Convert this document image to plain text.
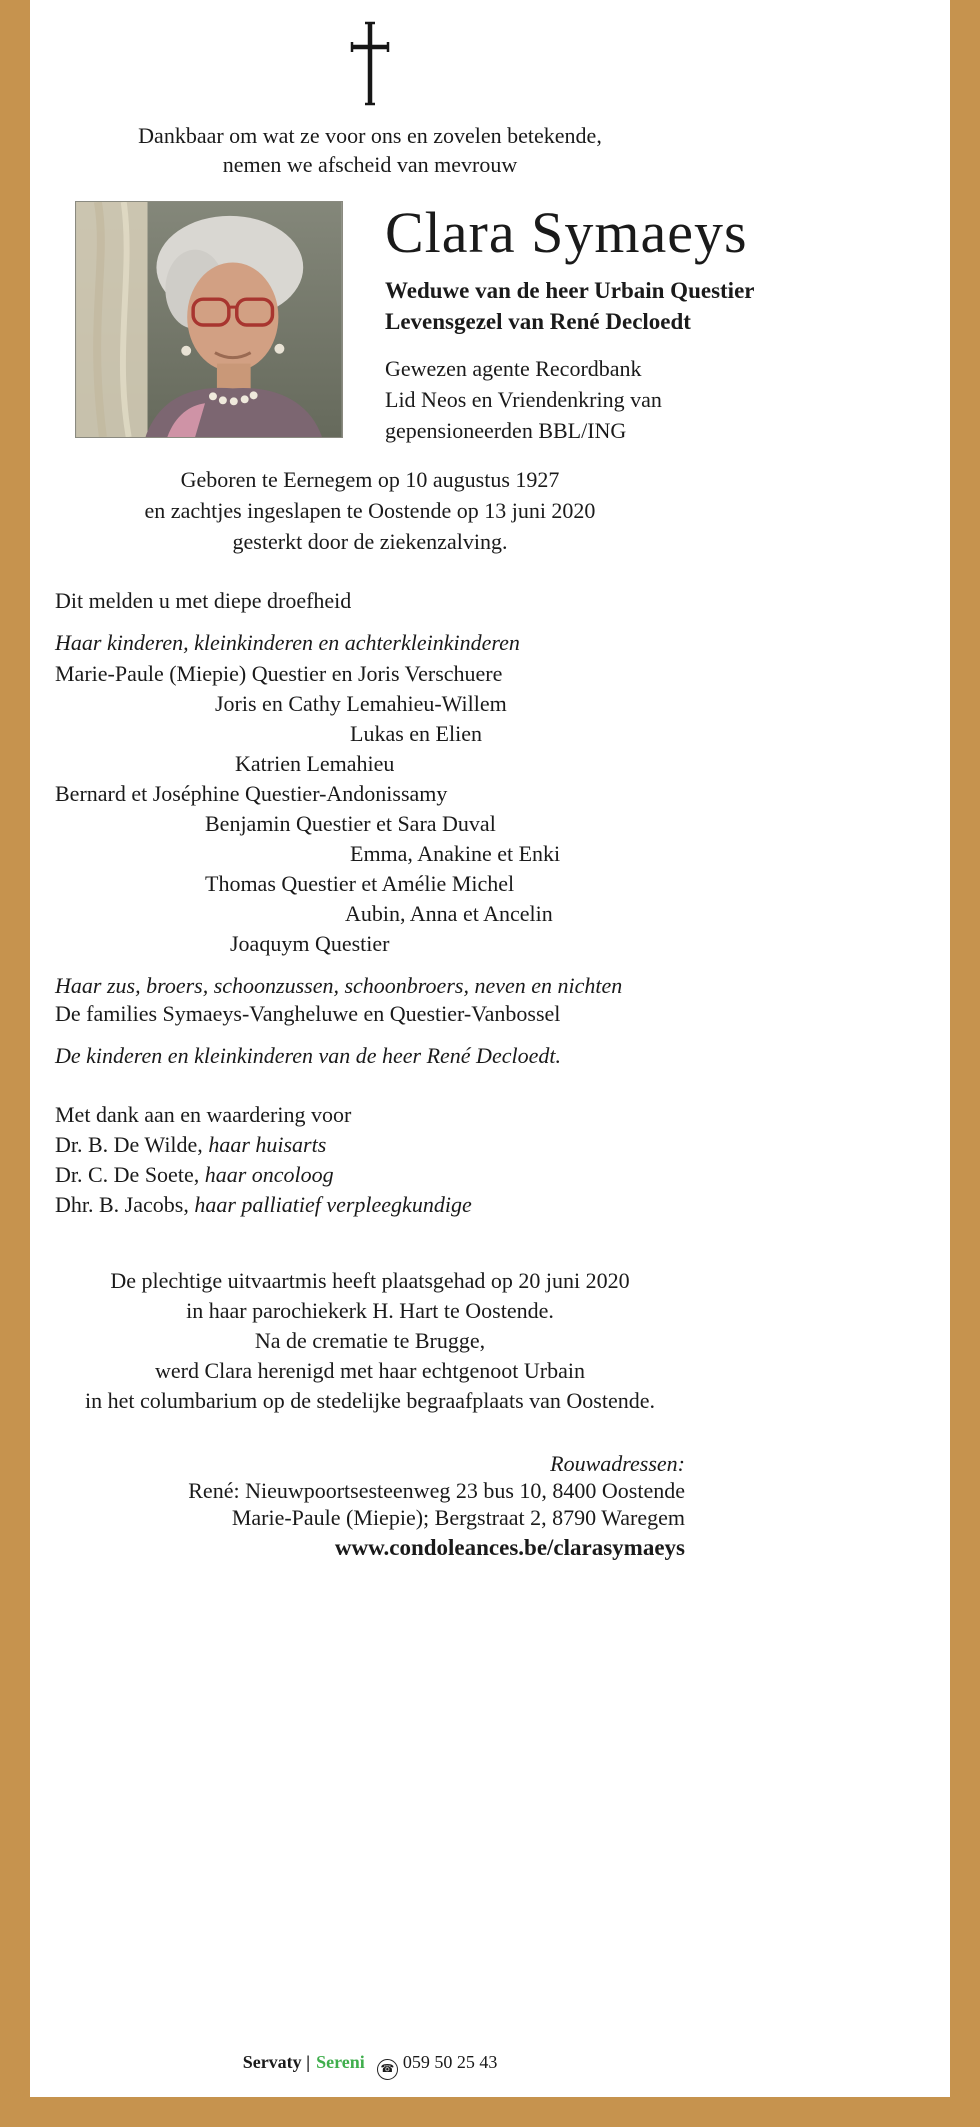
Dankbaar om wat ze voor ons en zovelen betekende,
nemen we afscheid van mevrouw
Clara Symaeys
Weduwe van de heer Urbain Questier
Levensgezel van René Decloedt
Gewezen agente Recordbank
Lid Neos en Vriendenkring van
gepensioneerden BBL/ING
Geboren te Eernegem op 10 augustus 1927
en zachtjes ingeslapen te Oostende op 13 juni 2020
gesterkt door de ziekenzalving.
Dit melden u met diepe droefheid
Haar kinderen, kleinkinderen en achterkleinkinderen
Marie-Paule (Miepie) Questier en Joris Verschuere
Joris en Cathy Lemahieu-Willem
Lukas en Elien
Katrien Lemahieu
Bernard et Joséphine Questier-Andonissamy
Benjamin Questier et Sara Duval
Emma, Anakine et Enki
Thomas Questier et Amélie Michel
Aubin, Anna et Ancelin
Joaquym Questier
Haar zus, broers, schoonzussen, schoonbroers, neven en nichten
De families Symaeys-Vangheluwe en Questier-Vanbossel
De kinderen en kleinkinderen van de heer René Decloedt.
Met dank aan en waardering voor
Dr. B. De Wilde, haar huisarts
Dr. C. De Soete, haar oncoloog
Dhr. B. Jacobs, haar palliatief verpleegkundige
De plechtige uitvaartmis heeft plaatsgehad op 20 juni 2020
in haar parochiekerk H. Hart te Oostende.
Na de crematie te Brugge,
werd Clara herenigd met haar echtgenoot Urbain
in het columbarium op de stedelijke begraafplaats van Oostende.
Rouwadressen:
René: Nieuwpoortsesteenweg 23 bus 10, 8400 Oostende
Marie-Paule (Miepie); Bergstraat 2, 8790 Waregem
www.condoleances.be/clarasymaeys
Servaty | Sereni ☎ 059 50 25 43
